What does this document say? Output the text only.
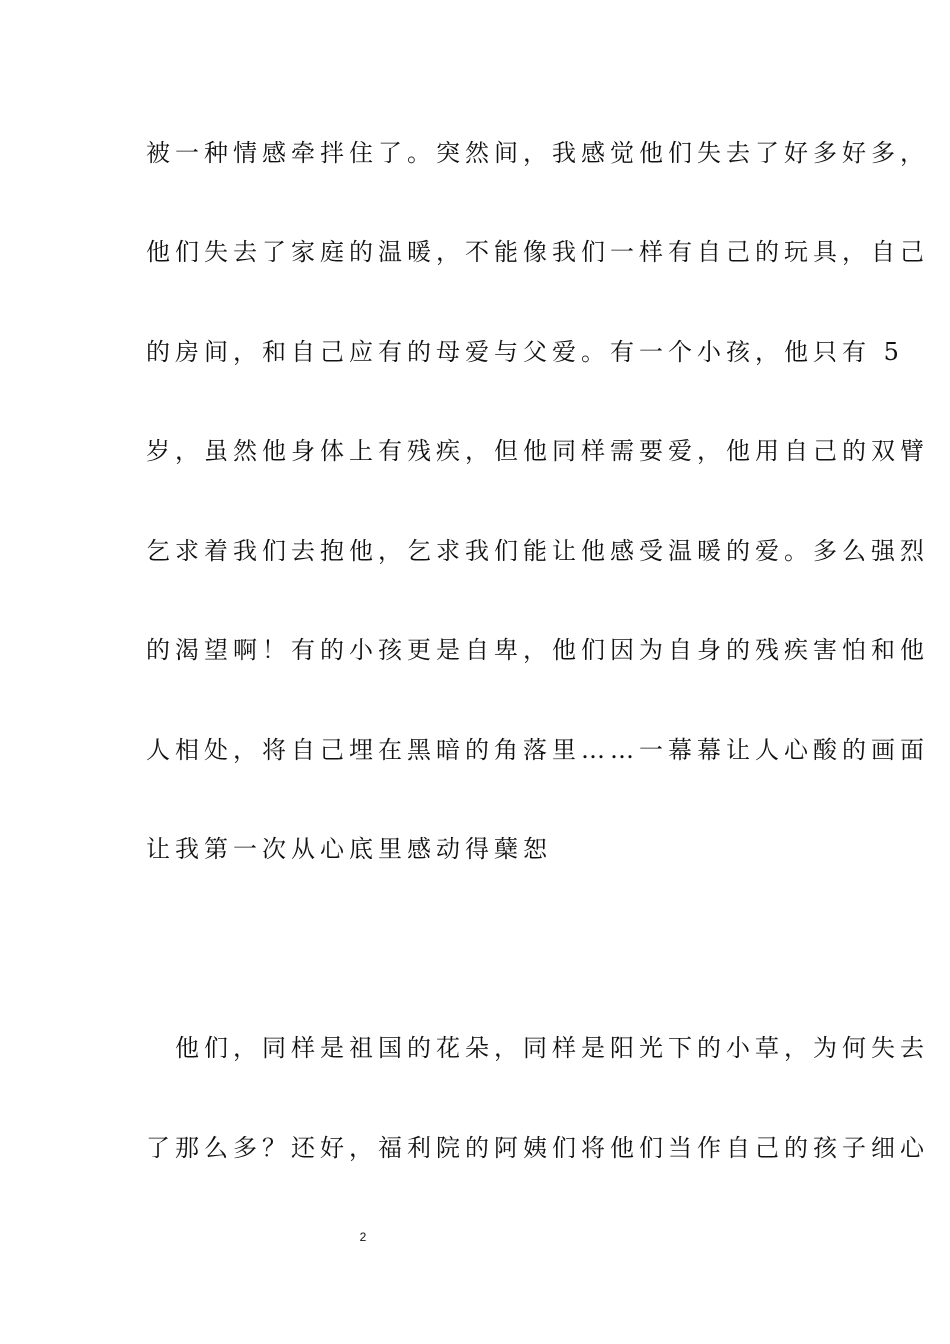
被一种情感牵拌住了。突然间，我感觉他们失去了好多好多，
他们失去了家庭的温暖，不能像我们一样有自己的玩具，自己
的房间，和自己应有的母爱与父爱。有一个小孩，他只有 5
岁，虽然他身体上有残疾，但他同样需要爱，他用自己的双臂
乞求着我们去抱他，乞求我们能让他感受温暖的爱。多么强烈
的渴望啊！有的小孩更是自卑，他们因为自身的残疾害怕和他
人相处，将自己埋在黑暗的角落里……一幕幕让人心酸的画面
让我第一次从心底里感动得蘖恕
　他们，同样是祖国的花朵，同样是阳光下的小草，为何失去
了那么多？还好，福利院的阿姨们将他们当作自己的孩子细心
2
